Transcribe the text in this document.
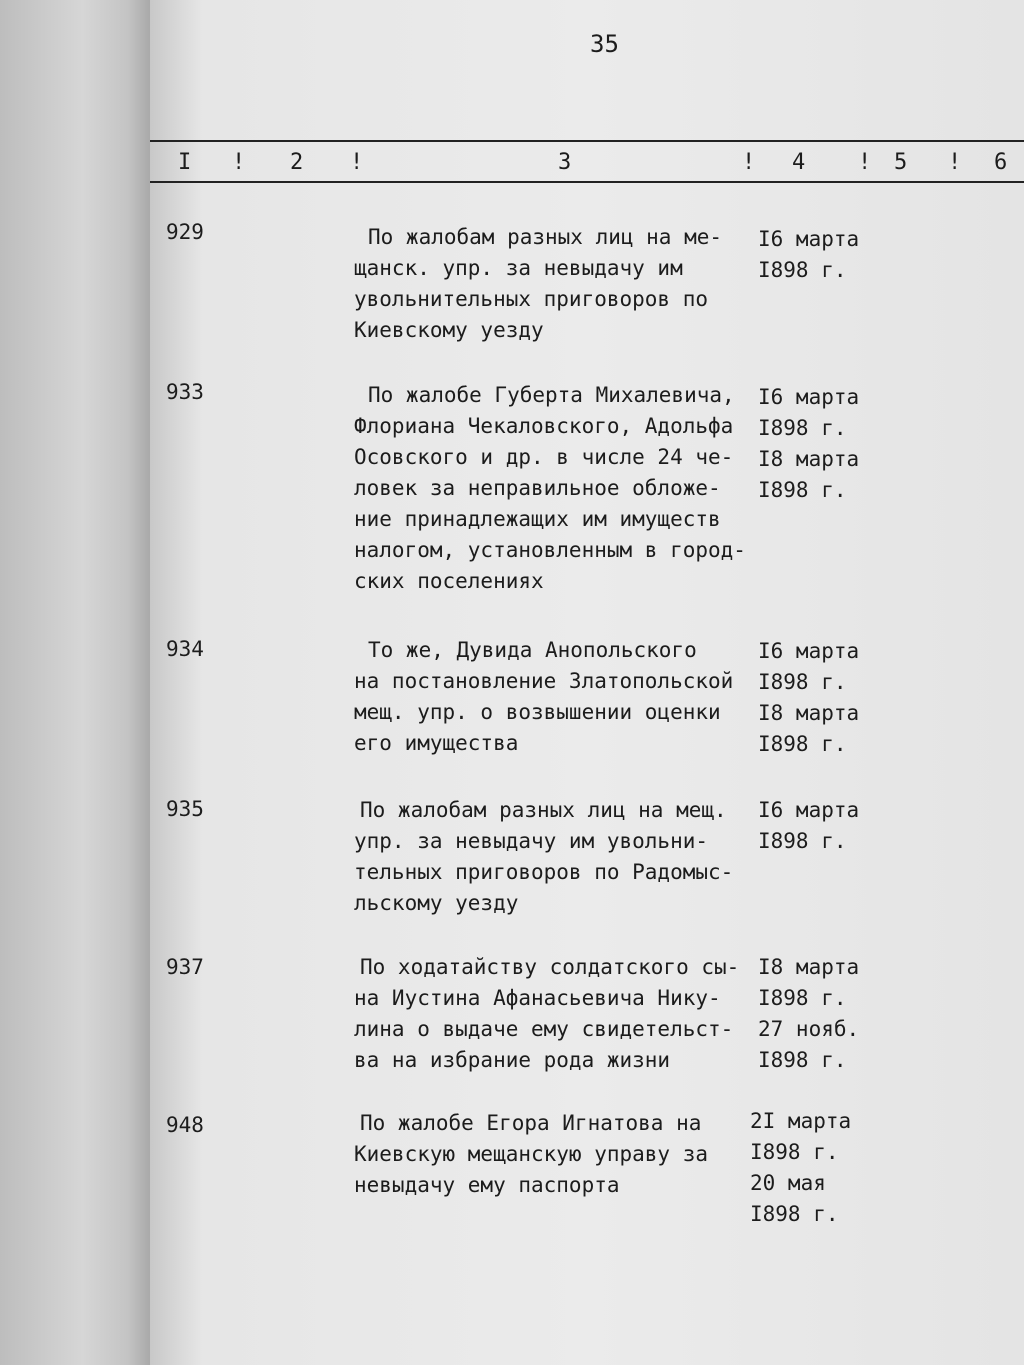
35
I ! 2 !	3	! 4 ! 5 ! 6
929	По жалобам разных лиц на ме-
щанск. упр. за невыдачу им
увольнительных приговоров по
Киевскому уезду
I6 марта
I898 г.
933	По жалобе Губерта Михалевича,
Флориана Чекаловского, Адольфа
Осовского и др. в числе 24 че-
ловек за неправильное обложе-
ние принадлежащих им имуществ
налогом, установленным в город-
ских поселениях
I6 марта
I898 г.
I8 марта
I898 г.
934	То же, Дувида Анопольского
на постановление Златопольской
мещ. упр. о возвышении оценки
его имущества
I6 марта
I898 г.
I8 марта
I898 г.
935	По жалобам разных лиц на мещ.
упр. за невыдачу им увольни-
тельных приговоров по Радомыс-
льскому уезду
I6 марта
I898 г.
937	По ходатайству солдатского сы-
на Иустина Афанасьевича Нику-
лина о выдаче ему свидетельст-
ва на избрание рода жизни
I8 марта
I898 г.
27 нояб.
I898 г.
948	По жалобе Егора Игнатова на
Киевскую мещанскую управу за
невыдачу ему паспорта
2I марта
I898 г.
20 мая
I898 г.
